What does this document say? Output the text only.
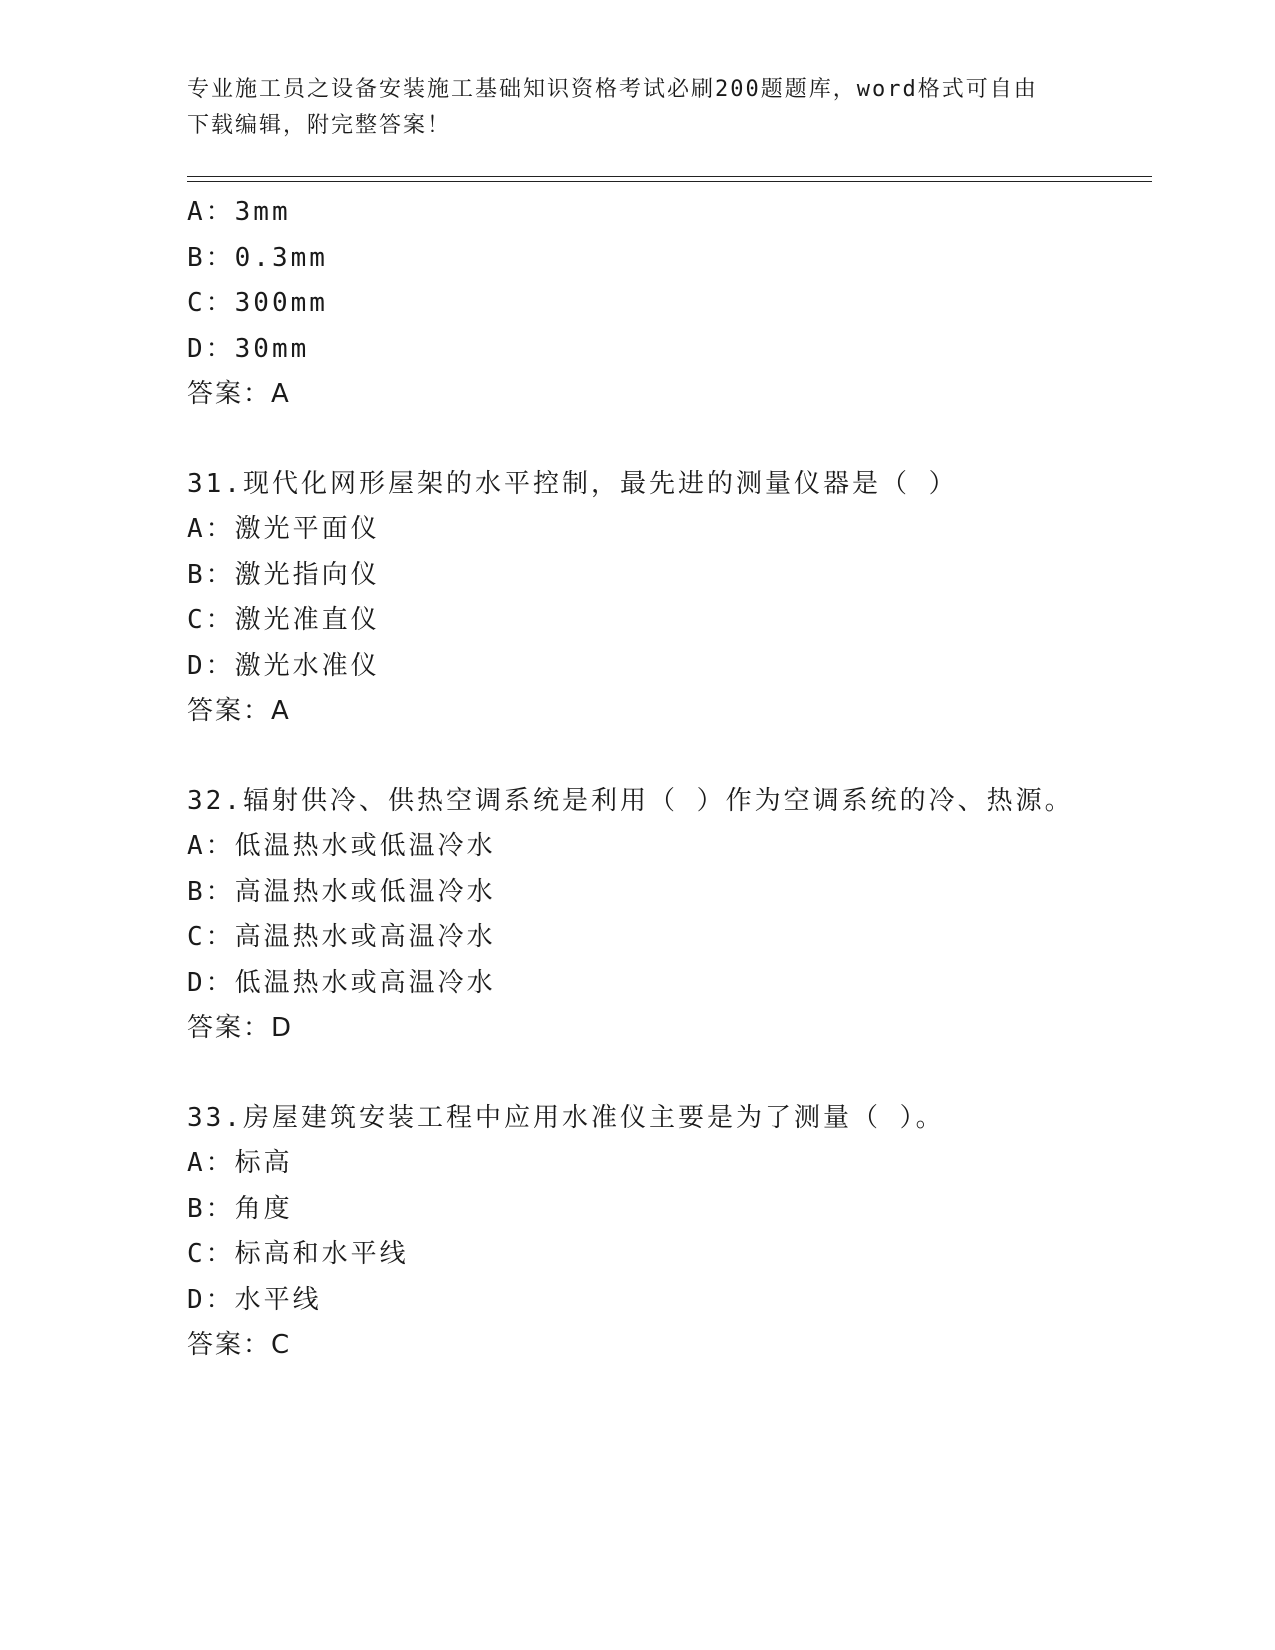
专业施工员之设备安装施工基础知识资格考试必刷200题题库，word格式可自由
下载编辑，附完整答案！
A：3mm
B：0.3mm
C：300mm
D：30mm
答案：A
31.现代化网形屋架的水平控制，最先进的测量仪器是（ ）
A：激光平面仪
B：激光指向仪
C：激光准直仪
D：激光水准仪
答案：A
32.辐射供冷、供热空调系统是利用（ ）作为空调系统的冷、热源。
A：低温热水或低温冷水
B：高温热水或低温冷水
C：高温热水或高温冷水
D：低温热水或高温冷水
答案：D
33.房屋建筑安装工程中应用水准仪主要是为了测量（ ）。
A：标高
B：角度
C：标高和水平线
D：水平线
答案：C
